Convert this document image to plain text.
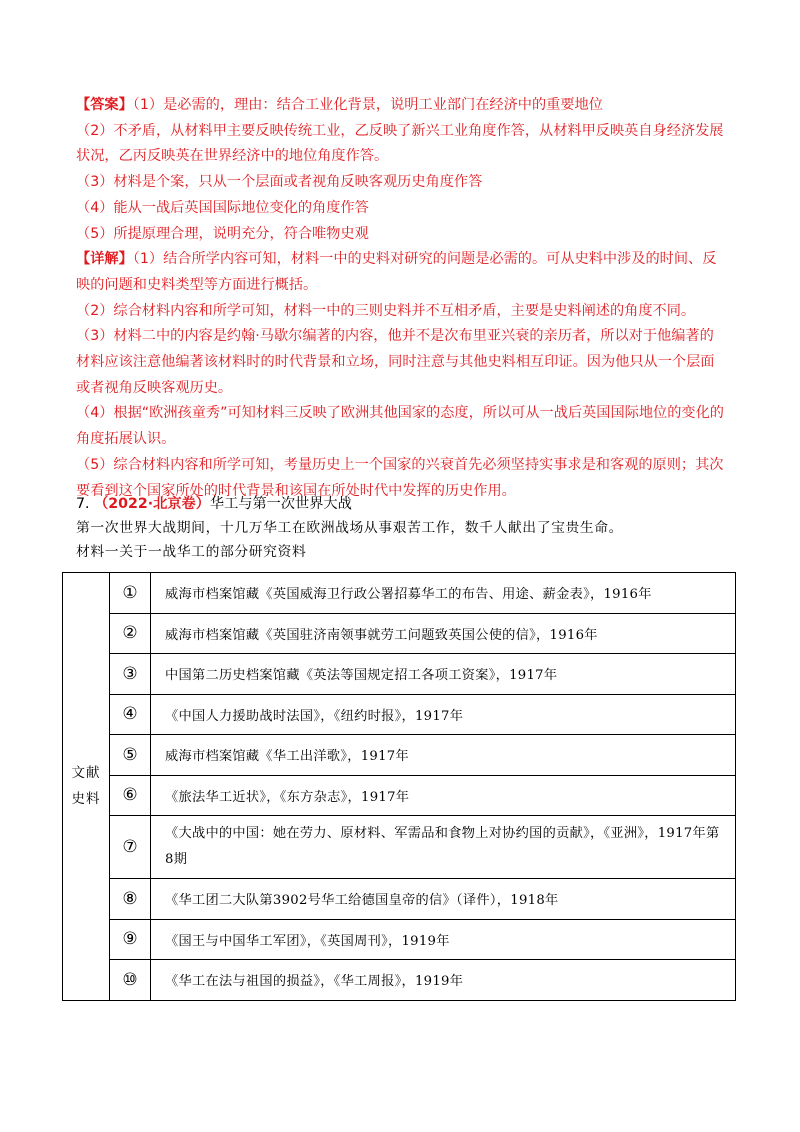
【答案】（1）是必需的，理由：结合工业化背景，说明工业部门在经济中的重要地位

（2）不矛盾，从材料甲主要反映传统工业，乙反映了新兴工业角度作答，从材料甲反映英自身经济发展状况，乙丙反映英在世界经济中的地位角度作答。

（3）材料是个案，只从一个层面或者视角反映客观历史角度作答

（4）能从一战后英国国际地位变化的角度作答

（5）所提原理合理，说明充分，符合唯物史观

【详解】（1）结合所学内容可知，材料一中的史料对研究的问题是必需的。可从史料中涉及的时间、反映的问题和史料类型等方面进行概括。

（2）综合材料内容和所学可知，材料一中的三则史料并不互相矛盾，主要是史料阐述的角度不同。

（3）材料二中的内容是约翰·马歇尔编著的内容，他并不是次布里亚兴衰的亲历者，所以对于他编著的材料应该注意他编著该材料时的时代背景和立场，同时注意与其他史料相互印证。因为他只从一个层面或者视角反映客观历史。

（4）根据“欧洲孩童秀”可知材料三反映了欧洲其他国家的态度，所以可从一战后英国国际地位的变化的角度拓展认识。

（5）综合材料内容和所学可知，考量历史上一个国家的兴衰首先必须坚持实事求是和客观的原则；其次要看到这个国家所处的时代背景和该国在所处时代中发挥的历史作用。

7. （2022·北京卷）华工与第一次世界大战

第一次世界大战期间，十几万华工在欧洲战场从事艰苦工作，数千人献出了宝贵生命。

材料一关于一战华工的部分研究资料

文献史料	①	威海市档案馆藏《英国威海卫行政公署招募华工的布告、用途、薪金表》，1916年
	②	威海市档案馆藏《英国驻济南领事就劳工问题致英国公使的信》，1916年
	③	中国第二历史档案馆藏《英法等国规定招工各项工资案》，1917年
	④	《中国人力援助战时法国》，《纽约时报》，1917年
	⑤	威海市档案馆藏《华工出洋歌》，1917年
	⑥	《旅法华工近状》，《东方杂志》，1917年
	⑦	《大战中的中国：她在劳力、原材料、军需品和食物上对协约国的贡献》，《亚洲》，1917年第8期
	⑧	《华工团二大队第3902号华工给德国皇帝的信》（译件），1918年
	⑨	《国王与中国华工军团》，《英国周刊》，1919年
	⑩	《华工在法与祖国的损益》，《华工周报》，1919年
